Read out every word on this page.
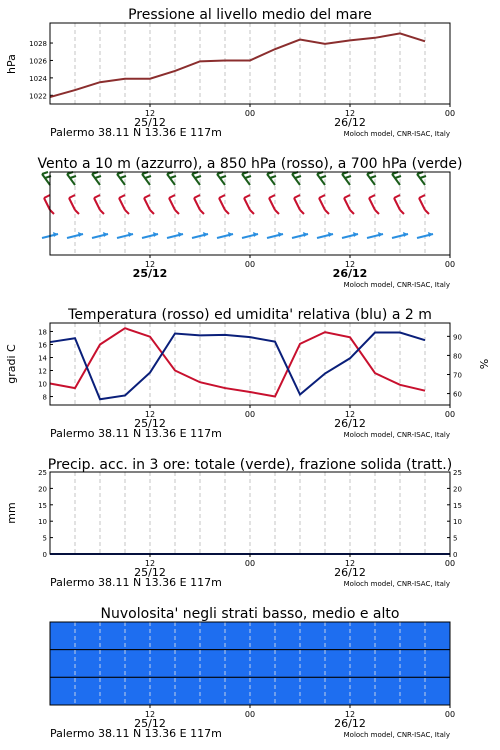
Pressione al livello medio del mare
1022
1024
1026
1028
12	00	12	00
25/12	26/12
Palermo 38.11 N 13.36 E 117m	Moloch model, CNR-ISAC, Italy
hPa
Vento a 10 m (azzurro), a 850 hPa (rosso), a 700 hPa (verde)
12	00	12	00
25/12	26/12
Moloch model, CNR-ISAC, Italy
Temperatura (rosso) ed umidita' relativa (blu) a 2 m
8
10
12
14
16
18
60
70
80
90
12	00	12	00
25/12	26/12
Palermo 38.11 N 13.36 E 117m	Moloch model, CNR-ISAC, Italy
gradi C	%
Precip. acc. in 3 ore: totale (verde), frazione solida (tratt.)
0	0
5	5
10	10
15	15
20	20
25	25
12	00	12	00
25/12	26/12
Palermo 38.11 N 13.36 E 117m	Moloch model, CNR-ISAC, Italy
mm
Nuvolosita' negli strati basso, medio e alto
12	00	12	00
25/12	26/12
Palermo 38.11 N 13.36 E 117m	Moloch model, CNR-ISAC, Italy
